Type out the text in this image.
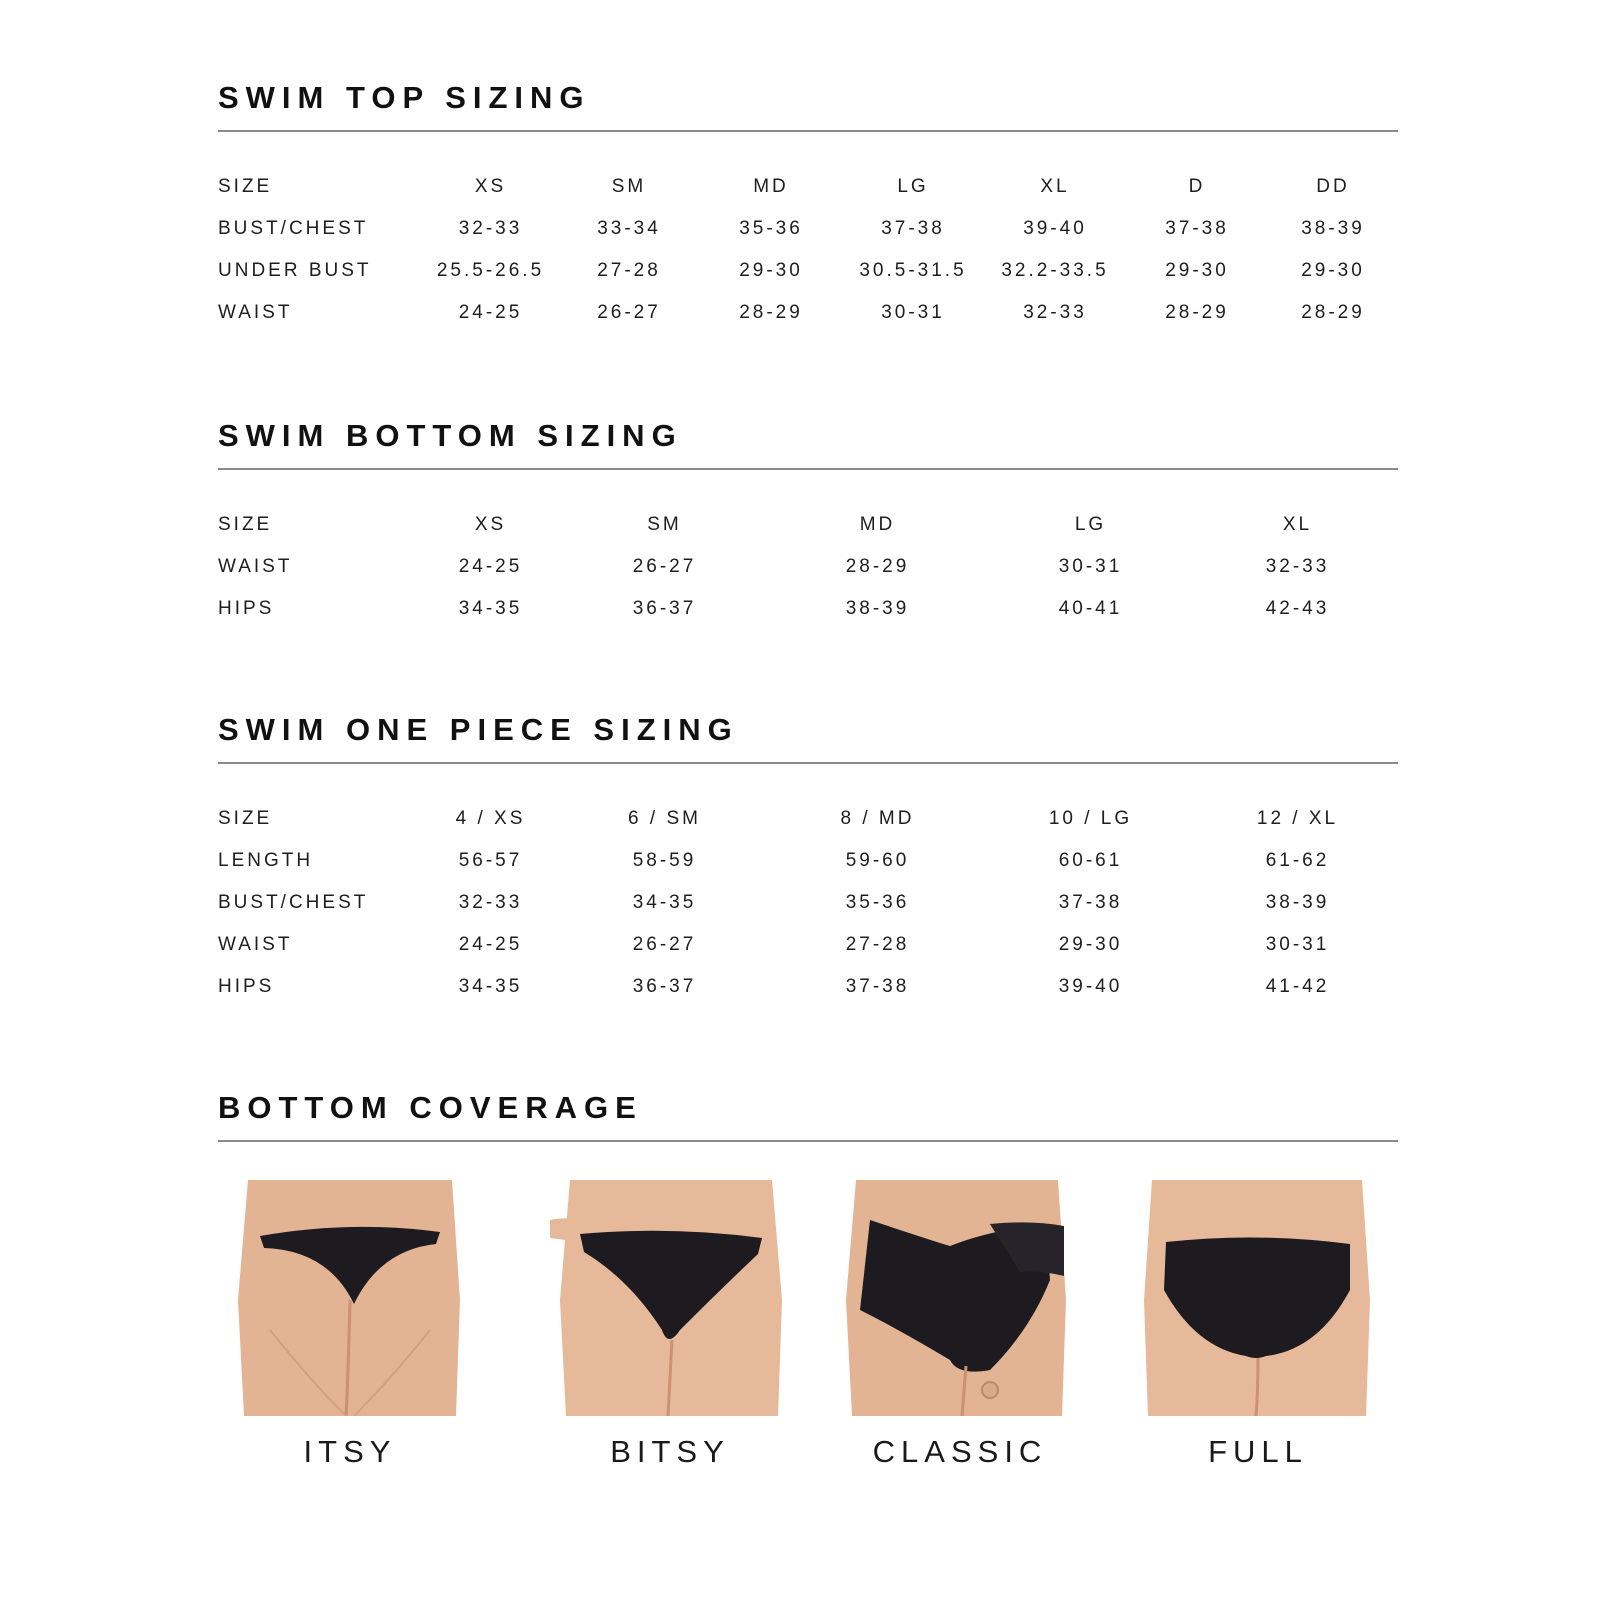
SWIM TOP SIZING
SIZE	XS	SM	MD	LG	XL	D	DD
BUST/CHEST	32-33	33-34	35-36	37-38	39-40	37-38	38-39
UNDER BUST	25.5-26.5	27-28	29-30	30.5-31.5	32.2-33.5	29-30	29-30
WAIST	24-25	26-27	28-29	30-31	32-33	28-29	28-29
SWIM BOTTOM SIZING
SIZE	XS	SM	MD	LG	XL
WAIST	24-25	26-27	28-29	30-31	32-33
HIPS	34-35	36-37	38-39	40-41	42-43
SWIM ONE PIECE SIZING
SIZE	4 / XS	6 / SM	8 / MD	10 / LG	12 / XL
LENGTH	56-57	58-59	59-60	60-61	61-62
BUST/CHEST	32-33	34-35	35-36	37-38	38-39
WAIST	24-25	26-27	27-28	29-30	30-31
HIPS	34-35	36-37	37-38	39-40	41-42
BOTTOM COVERAGE
ITSY	BITSY	CLASSIC	FULL
